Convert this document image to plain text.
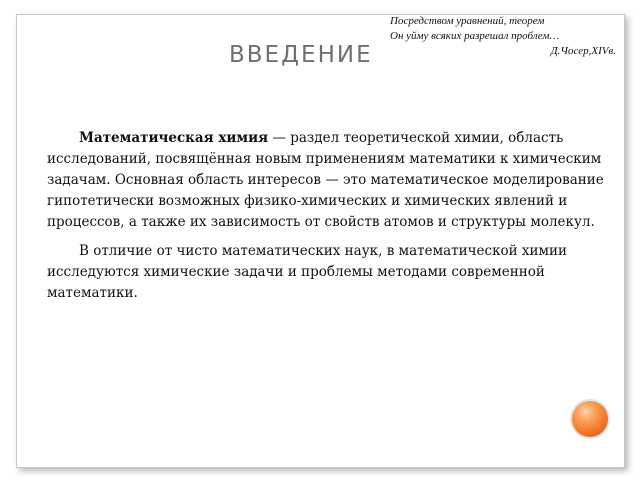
ВВЕДЕНИЕ
Посредством уравнений, теорем
Он уйму всяких разрешал проблем…
Д.Чосер,XIVв.

Математическая химия — раздел теоретической химии, область исследований, посвящённая новым применениям математики к химическим задачам. Основная область интересов — это математическое моделирование гипотетически возможных физико-химических и химических явлений и процессов, а также их зависимость от свойств атомов и структуры молекул.

В отличие от чисто математических наук, в математической химии исследуются химические задачи и проблемы методами современной математики.
